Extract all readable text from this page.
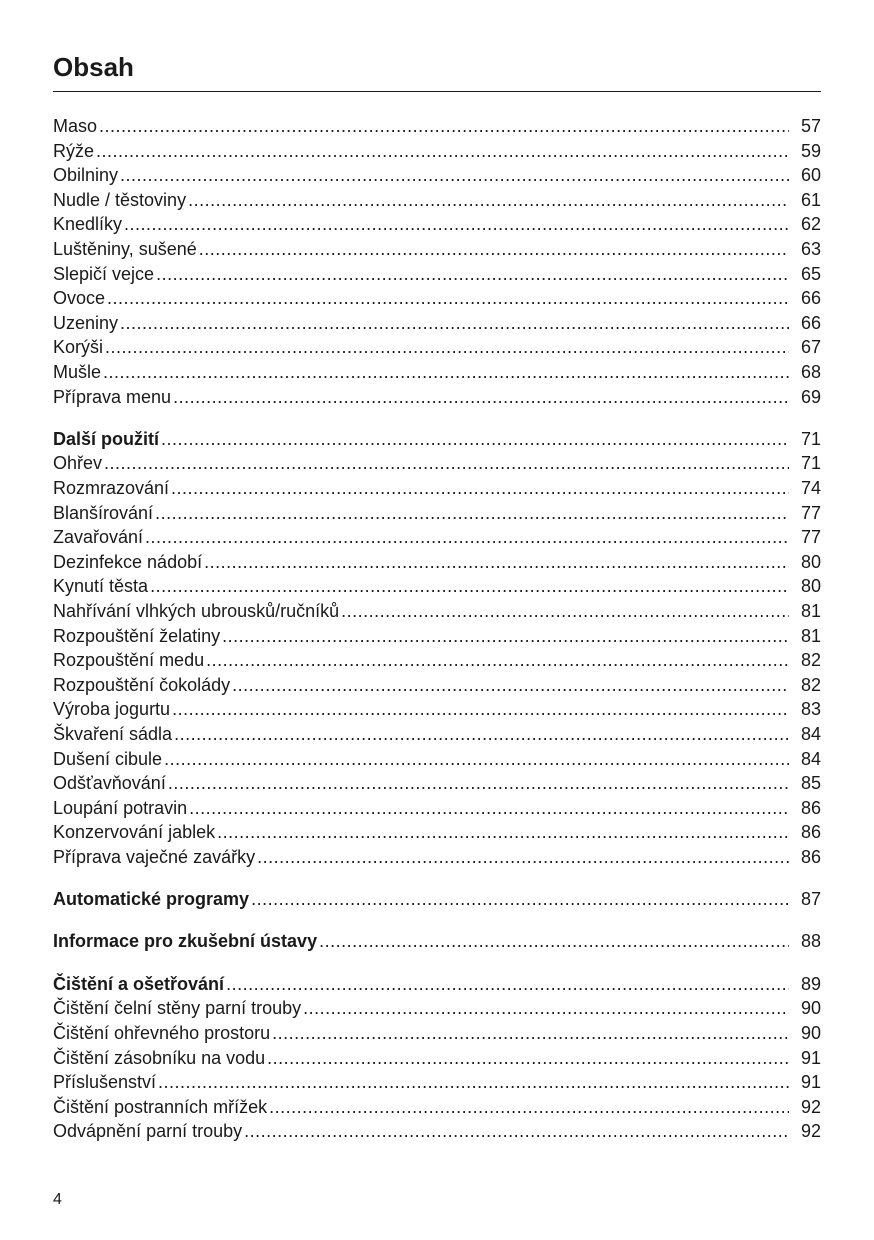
Obsah
Maso .....	57
Rýže .....	59
Obilniny .....	60
Nudle / těstoviny .....	61
Knedlíky .....	62
Luštěniny, sušené .....	63
Slepičí vejce .....	65
Ovoce .....	66
Uzeniny .....	66
Korýši .....	67
Mušle .....	68
Příprava menu .....	69
Další použití .....	71
Ohřev .....	71
Rozmrazování .....	74
Blanšírování .....	77
Zavařování .....	77
Dezinfekce nádobí .....	80
Kynutí těsta .....	80
Nahřívání vlhkých ubrousků/ručníků .....	81
Rozpouštění želatiny .....	81
Rozpouštění medu .....	82
Rozpouštění čokolády .....	82
Výroba jogurtu .....	83
Škvaření sádla .....	84
Dušení cibule .....	84
Odšťavňování .....	85
Loupání potravin .....	86
Konzervování jablek .....	86
Příprava vaječné zavářky .....	86
Automatické programy .....	87
Informace pro zkušební ústavy .....	88
Čištění a ošetřování .....	89
Čištění čelní stěny parní trouby .....	90
Čištění ohřevného prostoru .....	90
Čištění zásobníku na vodu .....	91
Příslušenství .....	91
Čištění postranních mřížek .....	92
Odvápnění parní trouby .....	92
4
